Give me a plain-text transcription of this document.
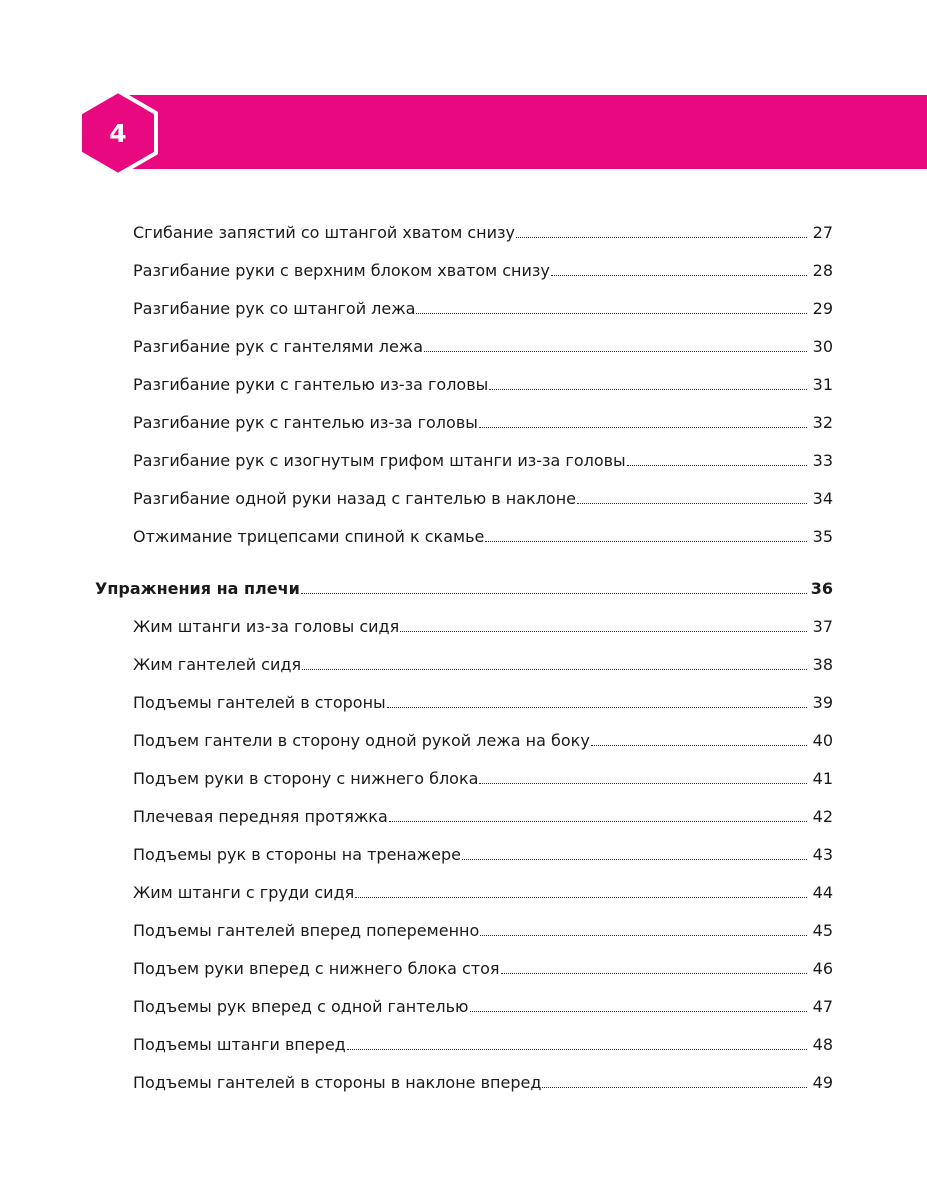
4
Сгибание запястий со штангой хватом снизу	27
Разгибание руки с верхним блоком хватом снизу	28
Разгибание рук со штангой лежа	29
Разгибание рук с гантелями лежа	30
Разгибание руки с гантелью из-за головы	31
Разгибание рук с гантелью из-за головы	32
Разгибание рук с изогнутым грифом штанги из-за головы	33
Разгибание одной руки назад с гантелью в наклоне	34
Отжимание трицепсами спиной к скамье	35
Упражнения на плечи	36
Жим штанги из-за головы сидя	37
Жим гантелей сидя	38
Подъемы гантелей в стороны	39
Подъем гантели в сторону одной рукой лежа на боку	40
Подъем руки в сторону с нижнего блока	41
Плечевая передняя протяжка	42
Подъемы рук в стороны на тренажере	43
Жим штанги с груди сидя	44
Подъемы гантелей вперед попеременно	45
Подъем руки вперед с нижнего блока стоя	46
Подъемы рук вперед с одной гантелью	47
Подъемы штанги вперед	48
Подъемы гантелей в стороны в наклоне вперед	49
